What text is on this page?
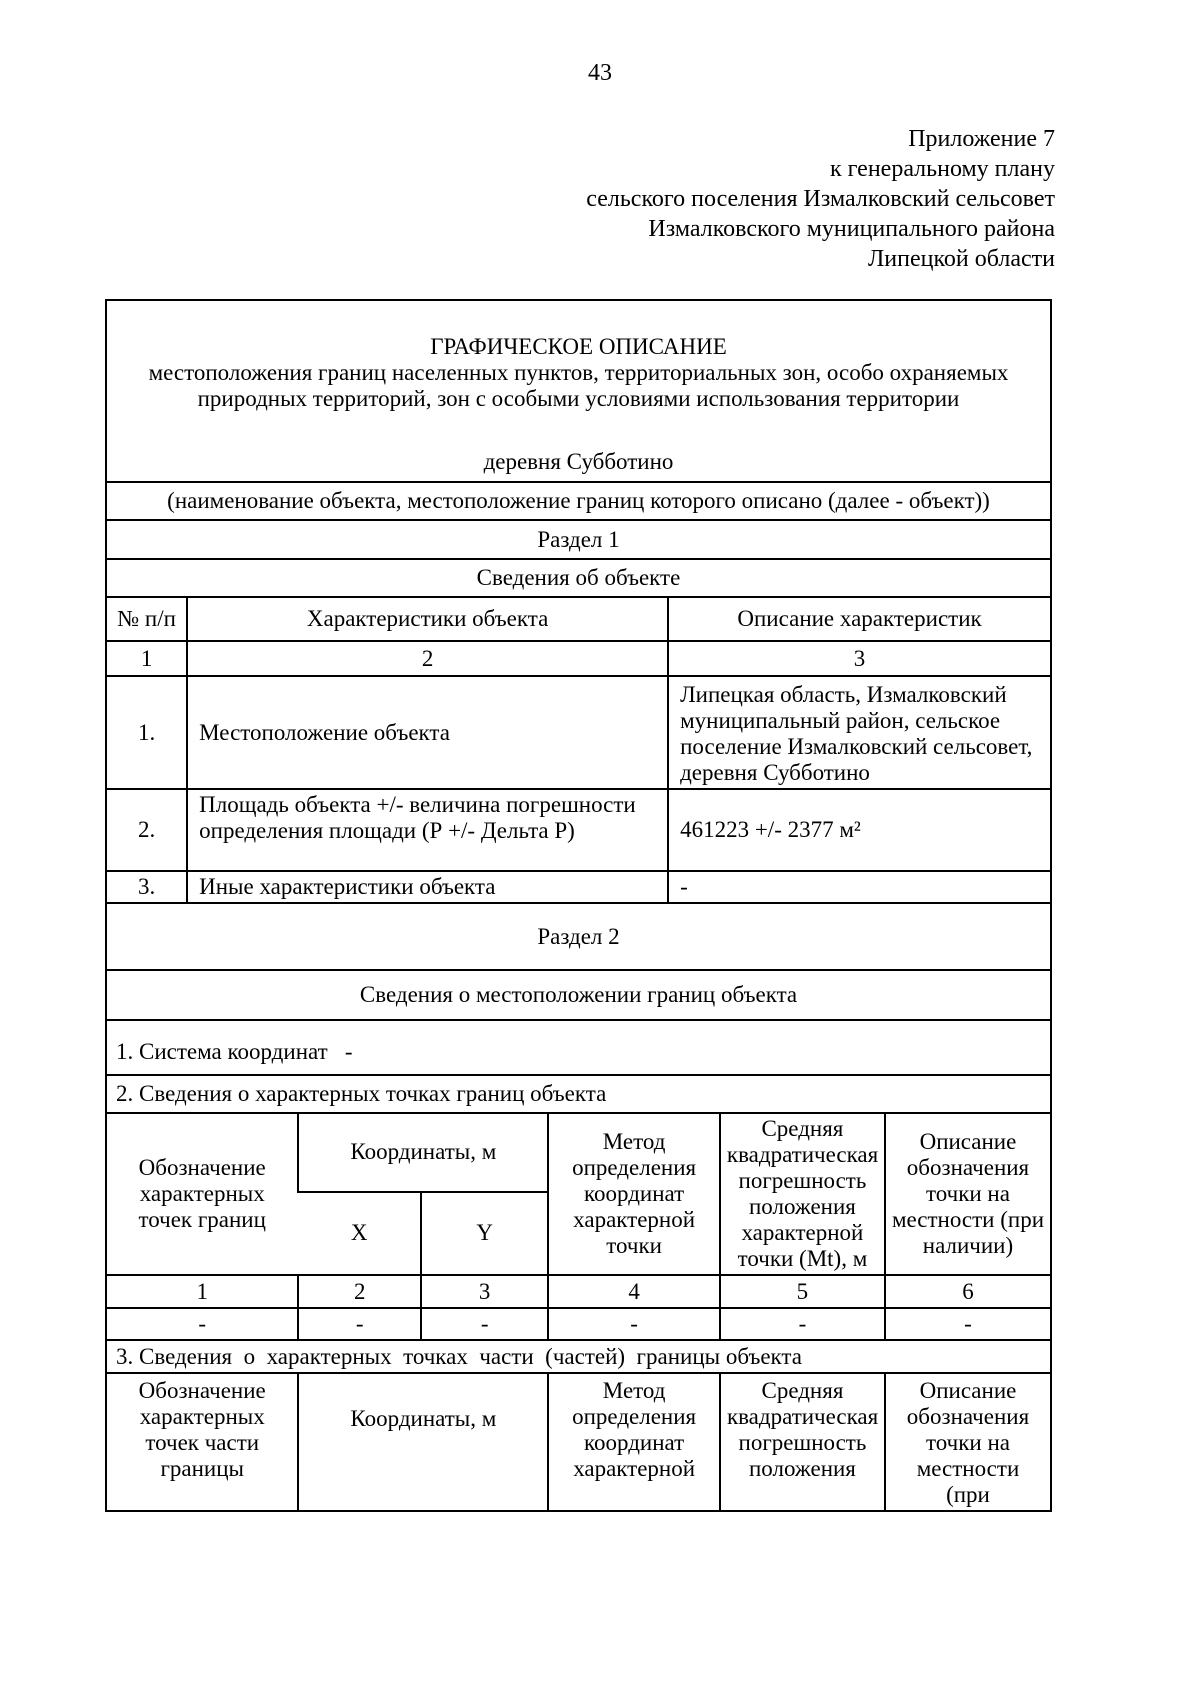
43
Приложение 7
к генеральному плану
сельского поселения Измалковский сельсовет
Измалковского муниципального района
Липецкой области
ГРАФИЧЕСКОЕ ОПИСАНИЕ
местоположения границ населенных пунктов, территориальных зон, особо охраняемых природных территорий, зон с особыми условиями использования территории
деревня Субботино
(наименование объекта, местоположение границ которого описано (далее - объект))
Раздел 1
Сведения об объекте
№ п/п	Характеристики объекта	Описание характеристик
1	2	3
1.	Местоположение объекта	Липецкая область, Измалковский муниципальный район, сельское поселение Измалковский сельсовет, деревня Субботино
2.	Площадь объекта +/- величина погрешности определения площади (Р +/- Дельта Р)	461223 +/- 2377 м²
3.	Иные характеристики объекта	-
Раздел 2
Сведения о местоположении границ объекта
1. Система координат   -
2. Сведения о характерных точках границ объекта
Обозначение характерных точек границ	Координаты, м		Метод определения координат характерной точки	Средняя квадратическая погрешность положения характерной точки (Mt), м	Описание обозначения точки на местности (при наличии)
	X	Y			
1	2	3	4	5	6
-	-	-	-	-	-
3. Сведения  о  характерных  точках  части  (частей)  границы объекта
Обозначение характерных точек части границы	Координаты, м	Метод определения координат характерной	Средняя квадратическая погрешность положения	Описание обозначения точки на местности (при
